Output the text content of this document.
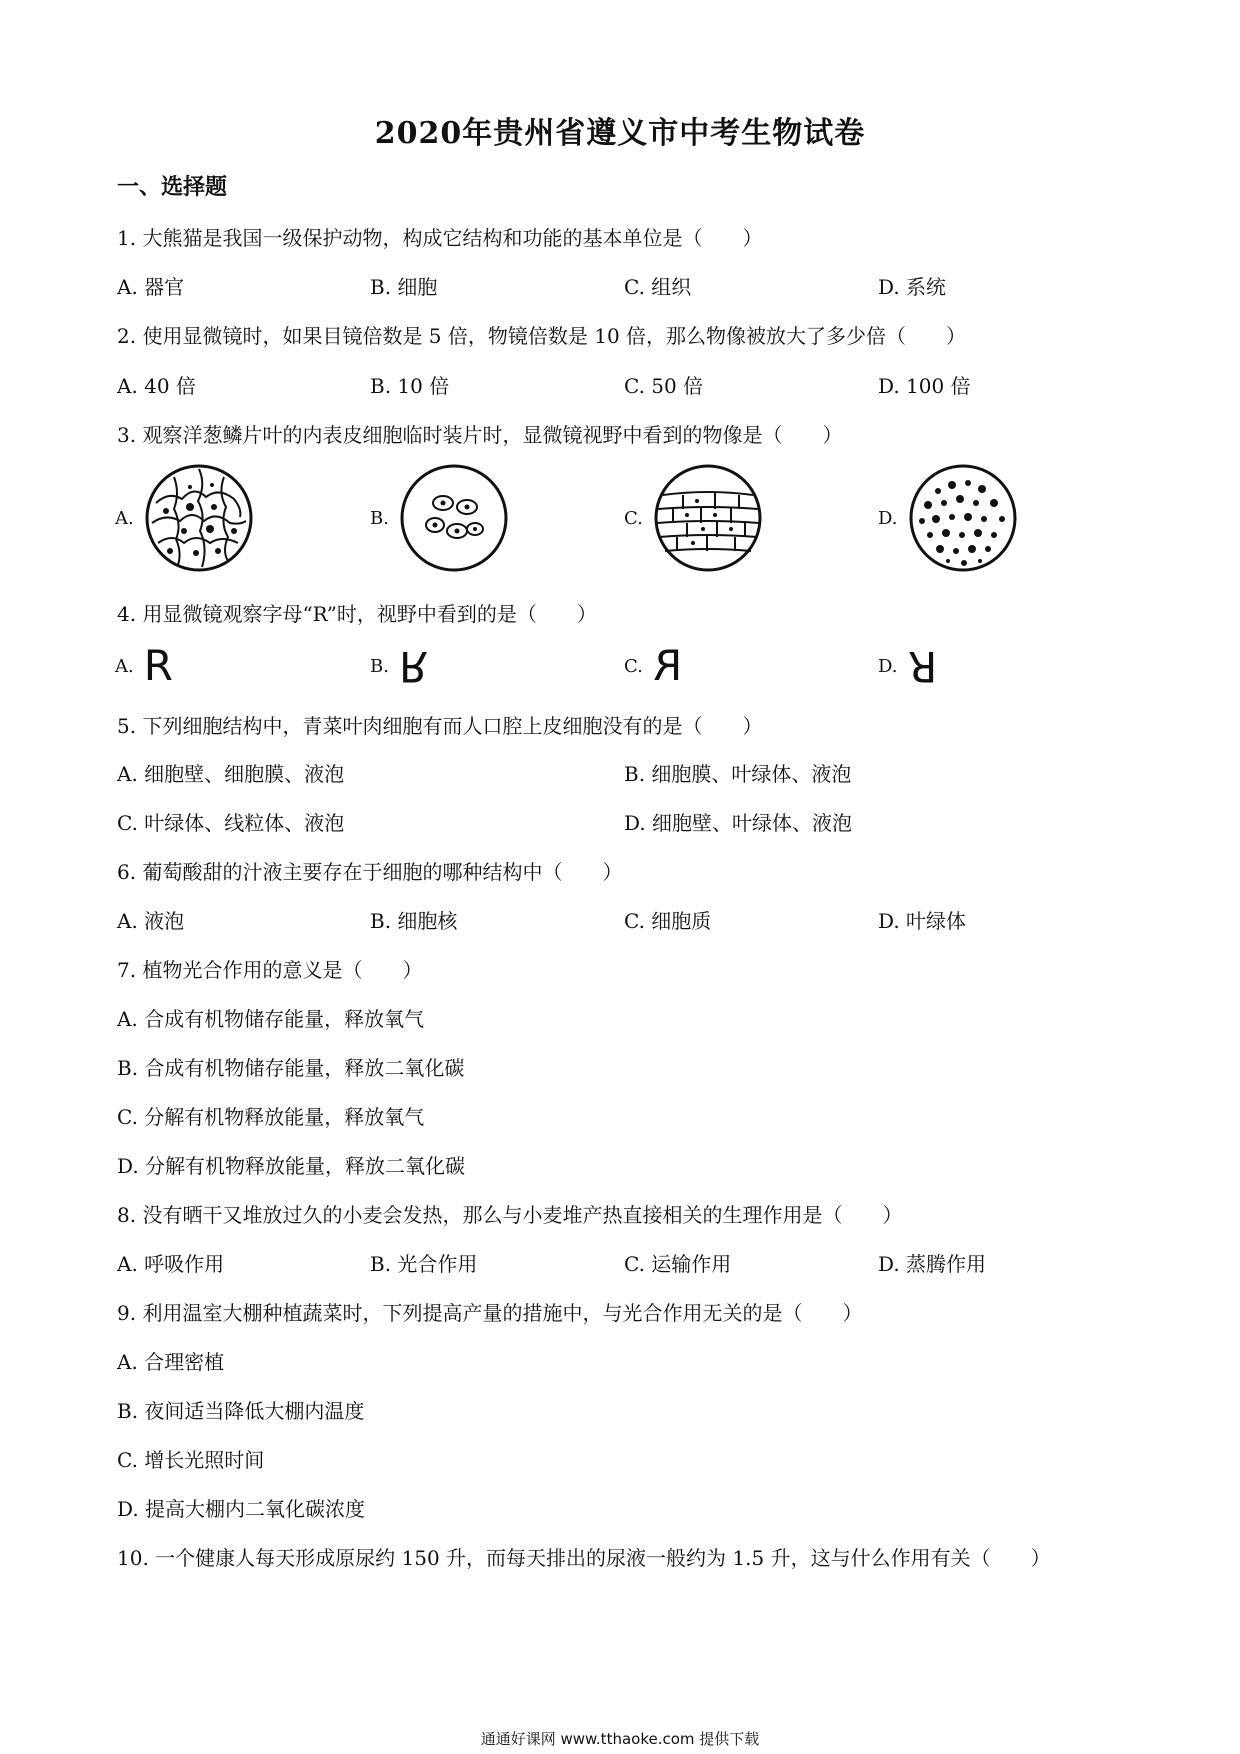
2020年贵州省遵义市中考生物试卷
一、选择题
1. 大熊猫是我国一级保护动物，构成它结构和功能的基本单位是（　　）
A. 器官	B. 细胞	C. 组织	D. 系统
2. 使用显微镜时，如果目镜倍数是 5 倍，物镜倍数是 10 倍，那么物像被放大了多少倍（　　）
A. 40 倍	B. 10 倍	C. 50 倍	D. 100 倍
3. 观察洋葱鳞片叶的内表皮细胞临时装片时，显微镜视野中看到的物像是（　　）
A.	B.	C.	D.
4. 用显微镜观察字母“R”时，视野中看到的是（　　）
A. R	B. R	C. R	D. R
5. 下列细胞结构中，青菜叶肉细胞有而人口腔上皮细胞没有的是（　　）
A. 细胞壁、细胞膜、液泡	B. 细胞膜、叶绿体、液泡
C. 叶绿体、线粒体、液泡	D. 细胞壁、叶绿体、液泡
6. 葡萄酸甜的汁液主要存在于细胞的哪种结构中（　　）
A. 液泡	B. 细胞核	C. 细胞质	D. 叶绿体
7. 植物光合作用的意义是（　　）
A. 合成有机物储存能量，释放氧气
B. 合成有机物储存能量，释放二氧化碳
C. 分解有机物释放能量，释放氧气
D. 分解有机物释放能量，释放二氧化碳
8. 没有晒干又堆放过久的小麦会发热，那么与小麦堆产热直接相关的生理作用是（　　）
A. 呼吸作用	B. 光合作用	C. 运输作用	D. 蒸腾作用
9. 利用温室大棚种植蔬菜时，下列提高产量的措施中，与光合作用无关的是（　　）
A. 合理密植
B. 夜间适当降低大棚内温度
C. 增长光照时间
D. 提高大棚内二氧化碳浓度
10. 一个健康人每天形成原尿约 150 升，而每天排出的尿液一般约为 1.5 升，这与什么作用有关（　　）
通通好课网 www.tthaoke.com 提供下载
